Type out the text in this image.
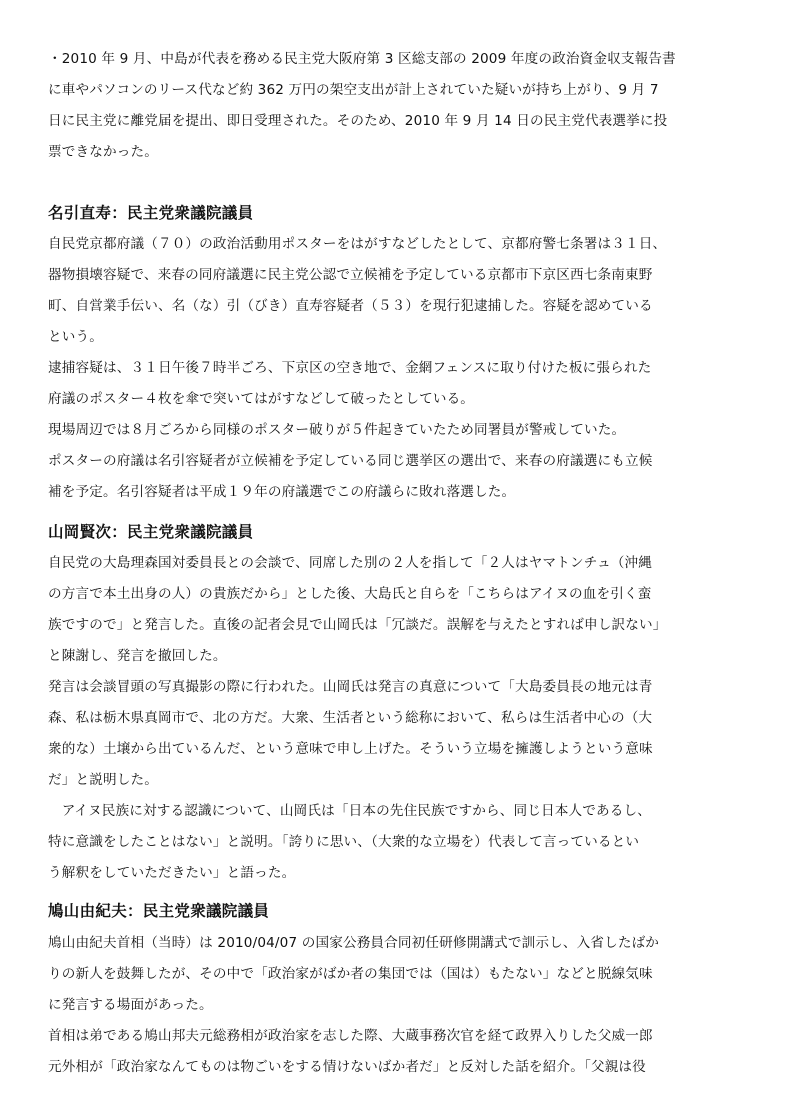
・2010 年 9 月、中島が代表を務める民主党大阪府第 3 区総支部の 2009 年度の政治資金収支報告書
に車やパソコンのリース代など約 362 万円の架空支出が計上されていた疑いが持ち上がり、9 月 7
日に民主党に離党届を提出、即日受理された。そのため、2010 年 9 月 14 日の民主党代表選挙に投
票できなかった。
名引直寿：民主党衆議院議員
自民党京都府議（７０）の政治活動用ポスターをはがすなどしたとして、京都府警七条署は３１日、
器物損壊容疑で、来春の同府議選に民主党公認で立候補を予定している京都市下京区西七条南東野
町、自営業手伝い、名（な）引（びき）直寿容疑者（５３）を現行犯逮捕した。容疑を認めている
という。
逮捕容疑は、３１日午後７時半ごろ、下京区の空き地で、金網フェンスに取り付けた板に張られた
府議のポスター４枚を傘で突いてはがすなどして破ったとしている。
現場周辺では８月ごろから同様のポスター破りが５件起きていたため同署員が警戒していた。
ポスターの府議は名引容疑者が立候補を予定している同じ選挙区の選出で、来春の府議選にも立候
補を予定。名引容疑者は平成１９年の府議選でこの府議らに敗れ落選した。
山岡賢次：民主党衆議院議員
自民党の大島理森国対委員長との会談で、同席した別の２人を指して「２人はヤマトンチュ（沖縄
の方言で本土出身の人）の貴族だから」とした後、大島氏と自らを「こちらはアイヌの血を引く蛮
族ですので」と発言した。直後の記者会見で山岡氏は「冗談だ。誤解を与えたとすれば申し訳ない」
と陳謝し、発言を撤回した。
発言は会談冒頭の写真撮影の際に行われた。山岡氏は発言の真意について「大島委員長の地元は青
森、私は栃木県真岡市で、北の方だ。大衆、生活者という総称において、私らは生活者中心の（大
衆的な）土壌から出ているんだ、という意味で申し上げた。そういう立場を擁護しようという意味
だ」と説明した。
　アイヌ民族に対する認識について、山岡氏は「日本の先住民族ですから、同じ日本人であるし、
特に意識をしたことはない」と説明。「誇りに思い、（大衆的な立場を）代表して言っているとい
う解釈をしていただきたい」と語った。
鳩山由紀夫：民主党衆議院議員
鳩山由紀夫首相（当時）は 2010/04/07 の国家公務員合同初任研修開講式で訓示し、入省したばか
りの新人を鼓舞したが、その中で「政治家がばか者の集団では（国は）もたない」などと脱線気味
に発言する場面があった。
首相は弟である鳩山邦夫元総務相が政治家を志した際、大蔵事務次官を経て政界入りした父威一郎
元外相が「政治家なんてものは物ごいをする情けないばか者だ」と反対した話を紹介。「父親は役
